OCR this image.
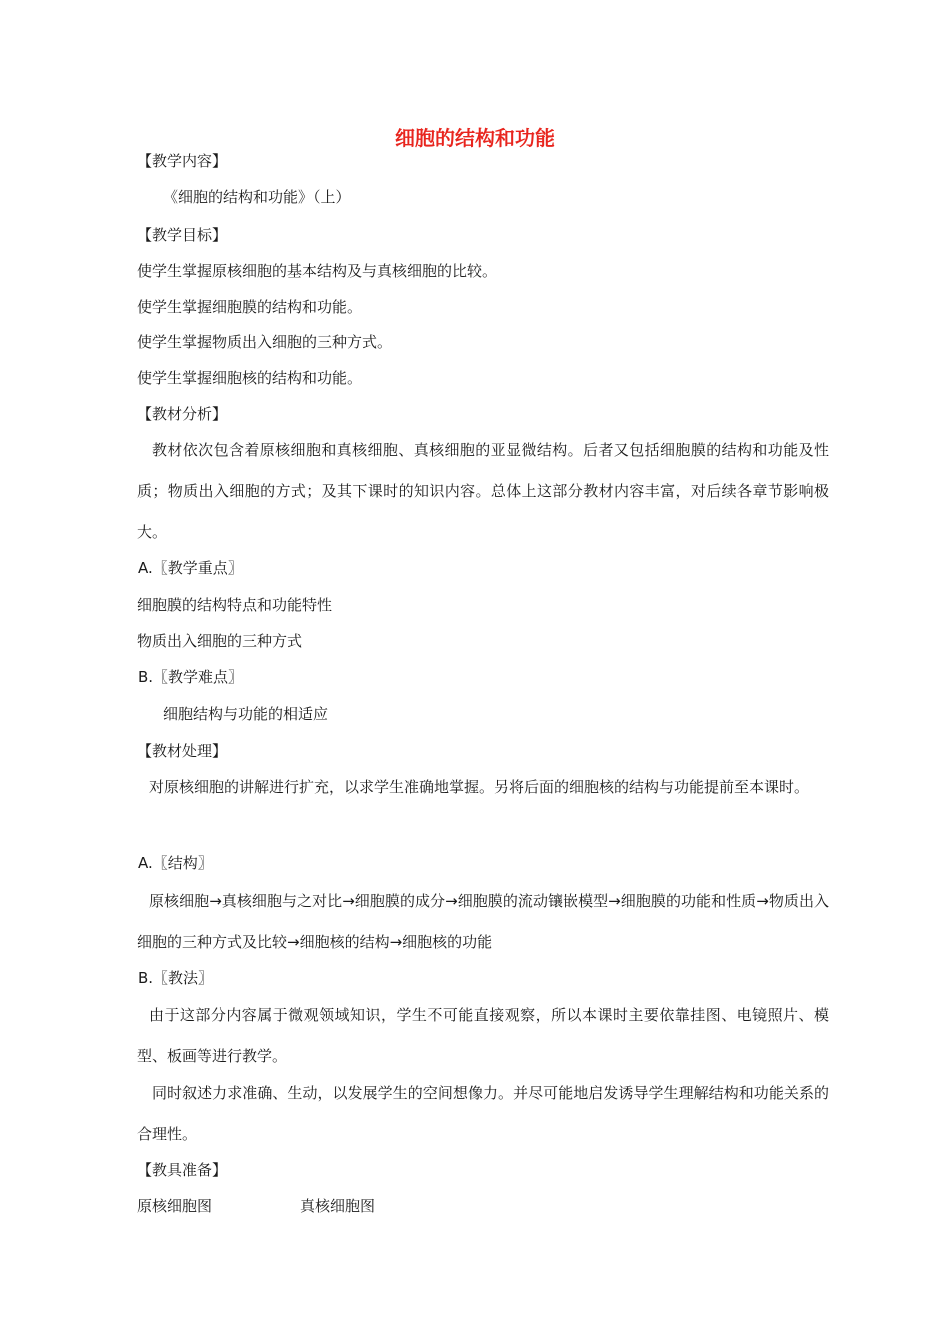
细胞的结构和功能
【教学内容】
《细胞的结构和功能》（上）
【教学目标】
使学生掌握原核细胞的基本结构及与真核细胞的比较。
使学生掌握细胞膜的结构和功能。
使学生掌握物质出入细胞的三种方式。
使学生掌握细胞核的结构和功能。
【教材分析】
教材依次包含着原核细胞和真核细胞、真核细胞的亚显微结构。后者又包括细胞膜的结构和功能及性质；物质出入细胞的方式；及其下课时的知识内容。总体上这部分教材内容丰富，对后续各章节影响极大。
A.〖教学重点〗
细胞膜的结构特点和功能特性
物质出入细胞的三种方式
B.〖教学难点〗
细胞结构与功能的相适应
【教材处理】
对原核细胞的讲解进行扩充，以求学生准确地掌握。另将后面的细胞核的结构与功能提前至本课时。
A.〖结构〗
原核细胞→真核细胞与之对比→细胞膜的成分→细胞膜的流动镶嵌模型→细胞膜的功能和性质→物质出入细胞的三种方式及比较→细胞核的结构→细胞核的功能
B.〖教法〗
由于这部分内容属于微观领域知识，学生不可能直接观察，所以本课时主要依靠挂图、电镜照片、模型、板画等进行教学。
同时叙述力求准确、生动，以发展学生的空间想像力。并尽可能地启发诱导学生理解结构和功能关系的合理性。
【教具准备】
原核细胞图	真核细胞图
